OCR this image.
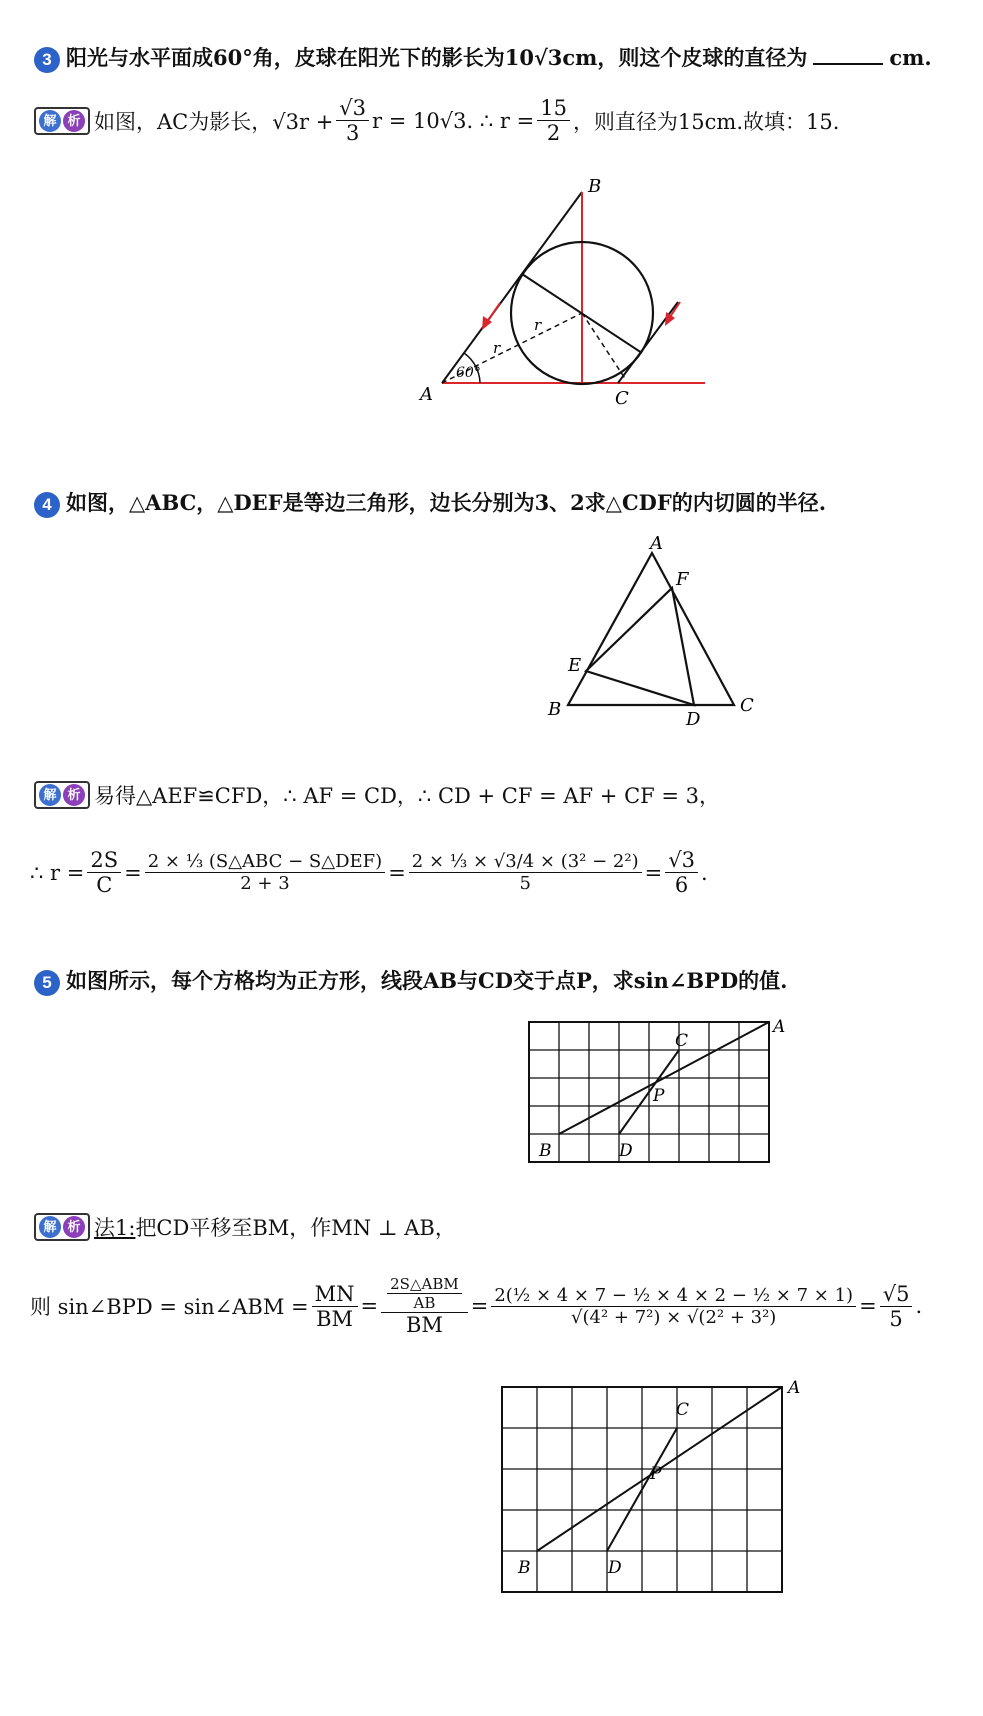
3 阳光与水平面成60°角，皮球在阳光下的影长为10√3cm，则这个皮球的直径为	cm.
解 析 如图，AC为影长，$√3r + \frac{√3}{3}$ r = 10√3. ∴ $r = \frac{15}{2}$ ，则直径为15cm.故填：15.
A
B
C
r
r
60°
4 如图，△ABC，△DEF是等边三角形，边长分别为3、2求△CDF的内切圆的半径.
A
B	C
D
E
F
解 析 易得△AEF≌CFD，∴ AF = CD，∴ CD + CF = AF + CF = 3，
∴ $r = \frac{2S}{C} = \frac{\text{2 × ⅓ (S△ABC − S△DEF)}}{2 + 3} = \frac{\text{2 × ⅓ × √3/4 × (3² − 2²)}}{5} = \frac{√3}{6}$ .
5 如图所示，每个方格均为正方形，线段AB与CD交于点P，求sin∠BPD的值.
A
B
C
D
P
解 析 法1: 把CD平移至BM，作MN ⊥ AB，
则 sin∠BPD = sin∠ABM = $\frac{MN}{BM} = \frac{\frac{\text{2S△ABM}}{AB}}{BM} = \frac{\text{2(½ × 4 × 7 − ½ × 4 × 2 − ½ × 7 × 1)}}{\text{√(4² + 7²) × √(2² + 3²)}} = \frac{√5}{5}$ .
A
B
C
D
P
